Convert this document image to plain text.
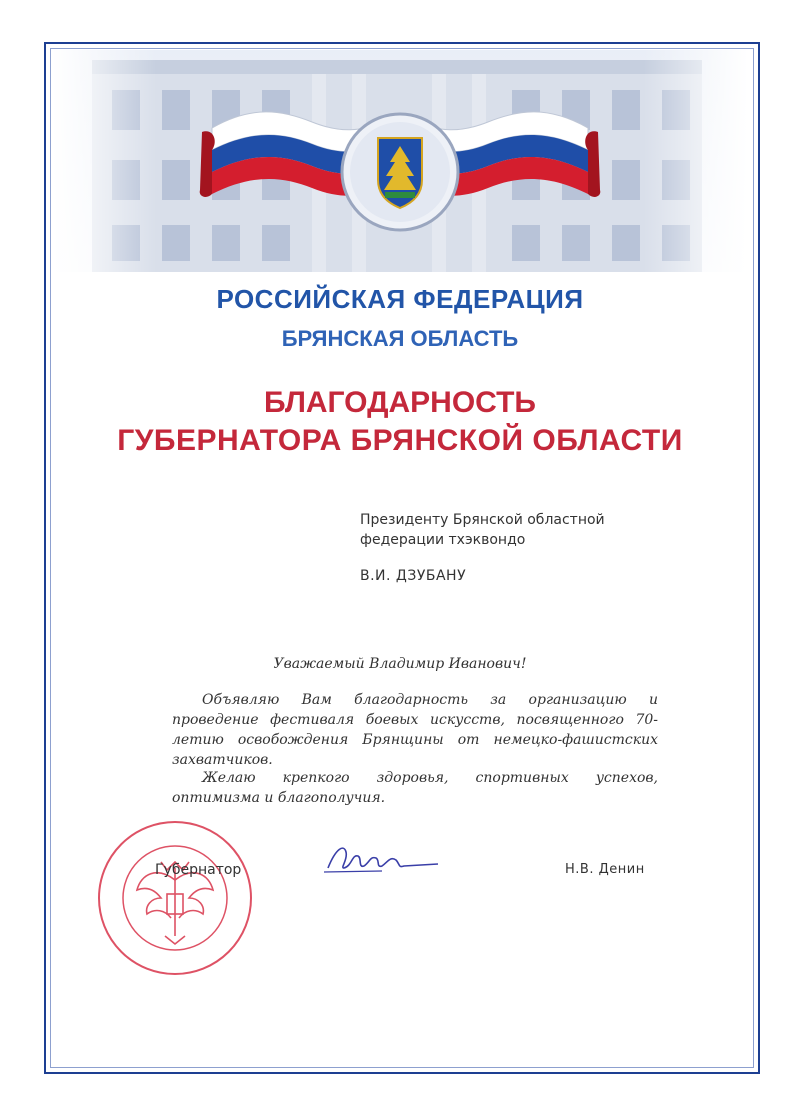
РОССИЙСКАЯ ФЕДЕРАЦИЯ
БРЯНСКАЯ ОБЛАСТЬ
БЛАГОДАРНОСТЬ
ГУБЕРНАТОРА БРЯНСКОЙ ОБЛАСТИ
Президенту Брянской областной федерации тхэквондо
В.И. ДЗУБАНУ
Уважаемый Владимир Иванович!
Объявляю Вам благодарность за организацию и проведение фестиваля боевых искусств, посвященного 70-летию освобождения Брянщины от немецко-фашистских захватчиков.
Желаю крепкого здоровья, спортивных успехов, оптимизма и благополучия.
Губернатор	Н.В. Денин
